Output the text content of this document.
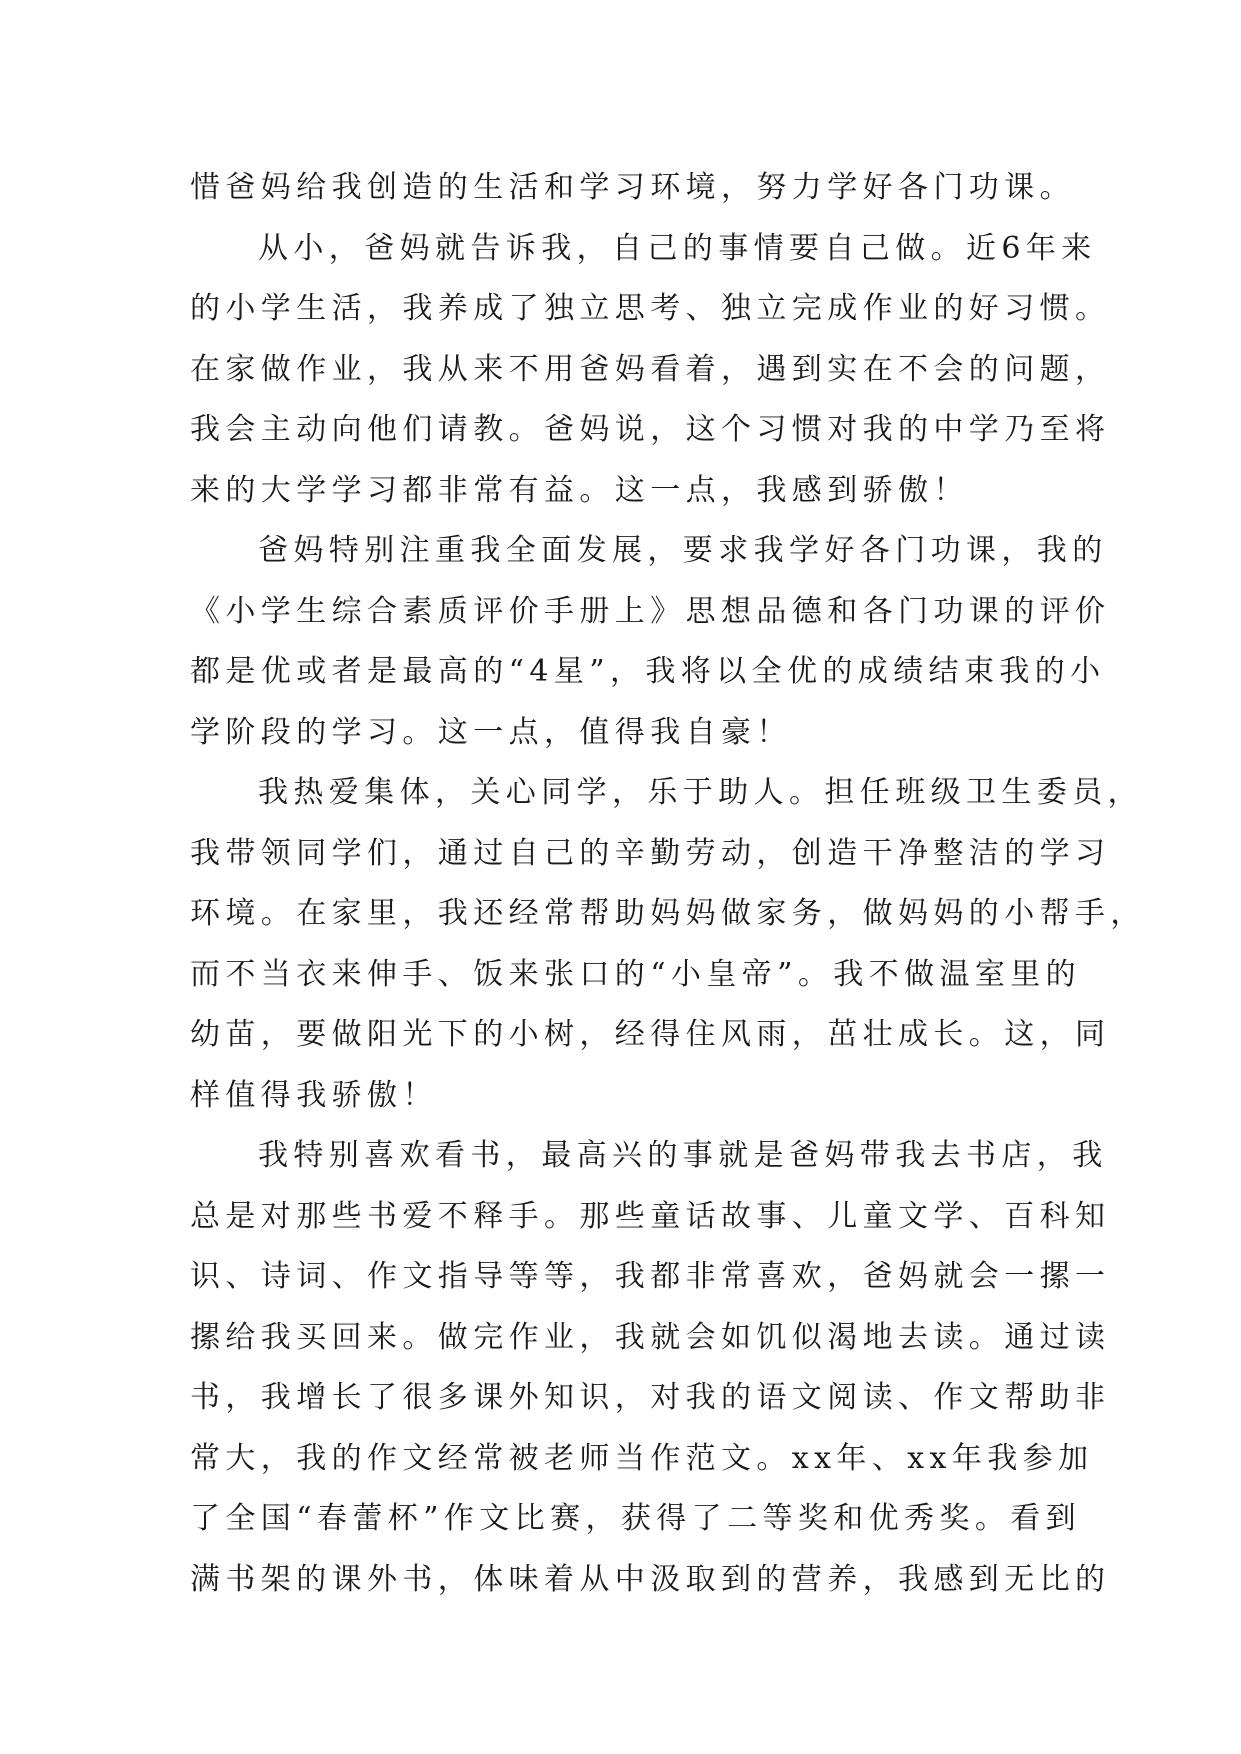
惜爸妈给我创造的生活和学习环境，努力学好各门功课。
从小，爸妈就告诉我，自己的事情要自己做。近6年来
的小学生活，我养成了独立思考、独立完成作业的好习惯。
在家做作业，我从来不用爸妈看着，遇到实在不会的问题，
我会主动向他们请教。爸妈说，这个习惯对我的中学乃至将
来的大学学习都非常有益。这一点，我感到骄傲！
爸妈特别注重我全面发展，要求我学好各门功课，我的
《小学生综合素质评价手册上》思想品德和各门功课的评价
都是优或者是最高的“4星”，我将以全优的成绩结束我的小
学阶段的学习。这一点，值得我自豪！
我热爱集体，关心同学，乐于助人。担任班级卫生委员，
我带领同学们，通过自己的辛勤劳动，创造干净整洁的学习
环境。在家里，我还经常帮助妈妈做家务，做妈妈的小帮手，
而不当衣来伸手、饭来张口的“小皇帝”。我不做温室里的
幼苗，要做阳光下的小树，经得住风雨，茁壮成长。这，同
样值得我骄傲！
我特别喜欢看书，最高兴的事就是爸妈带我去书店，我
总是对那些书爱不释手。那些童话故事、儿童文学、百科知
识、诗词、作文指导等等，我都非常喜欢，爸妈就会一摞一
摞给我买回来。做完作业，我就会如饥似渴地去读。通过读
书，我增长了很多课外知识，对我的语文阅读、作文帮助非
常大，我的作文经常被老师当作范文。xx年、xx年我参加
了全国“春蕾杯”作文比赛，获得了二等奖和优秀奖。看到
满书架的课外书，体味着从中汲取到的营养，我感到无比的
